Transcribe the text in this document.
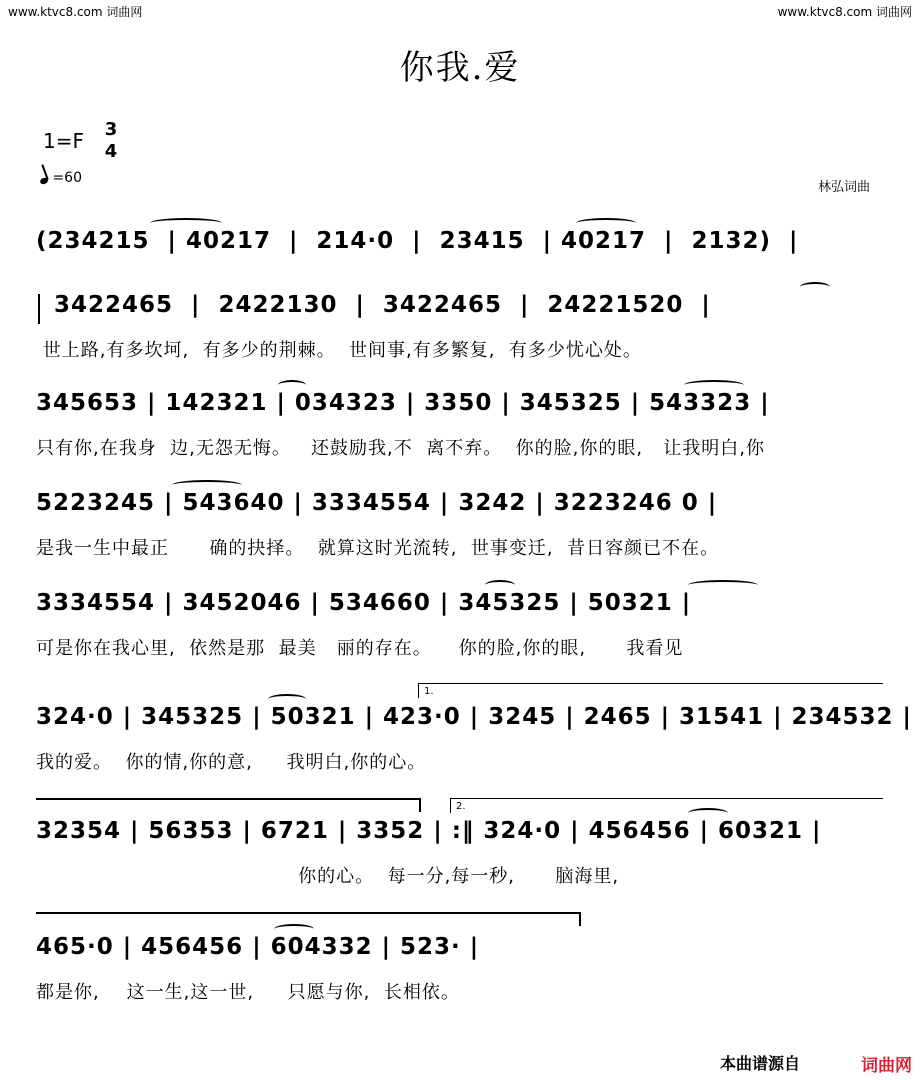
www.ktvc8.com 词曲网	www.ktvc8.com 词曲网
你我.爱
1=F 3
4
=60
林弘词曲
(234215  | 40217  |  214·0  |  23415  | 40217  |  2132)  |
3422465  |  2422130  |  3422465  |  24221520  |
世上路,有多坎坷,  有多少的荆棘。  世间事,有多繁复,  有多少忧心处。
345653 | 142321 | 034323 | 3350 | 345325 | 543323 |
只有你,在我身  边,无怨无悔。   还鼓励我,不  离不弃。  你的脸,你的眼,   让我明白,你
5223245 | 543640 | 3334554 | 3242 | 3223246 0 |
是我一生中最正      确的抉择。  就算这时光流转,  世事变迁,  昔日容颜已不在。
3334554 | 3452046 | 534660 | 345325 | 50321 |
可是你在我心里,  依然是那  最美   丽的存在。    你的脸,你的眼,      我看见
1.
324·0 | 345325 | 50321 | 423·0 | 3245 | 2465 | 31541 | 234532 |
我的爱。  你的情,你的意,     我明白,你的心。
2.
32354 | 56353 | 6721 | 3352 | :‖ 324·0 | 456456 | 60321 |
你的心。  每一分,每一秒,      脑海里,
465·0 | 456456 | 604332 | 523· |
都是你,    这一生,这一世,     只愿与你,  长相依。
本曲谱源自	词曲网
